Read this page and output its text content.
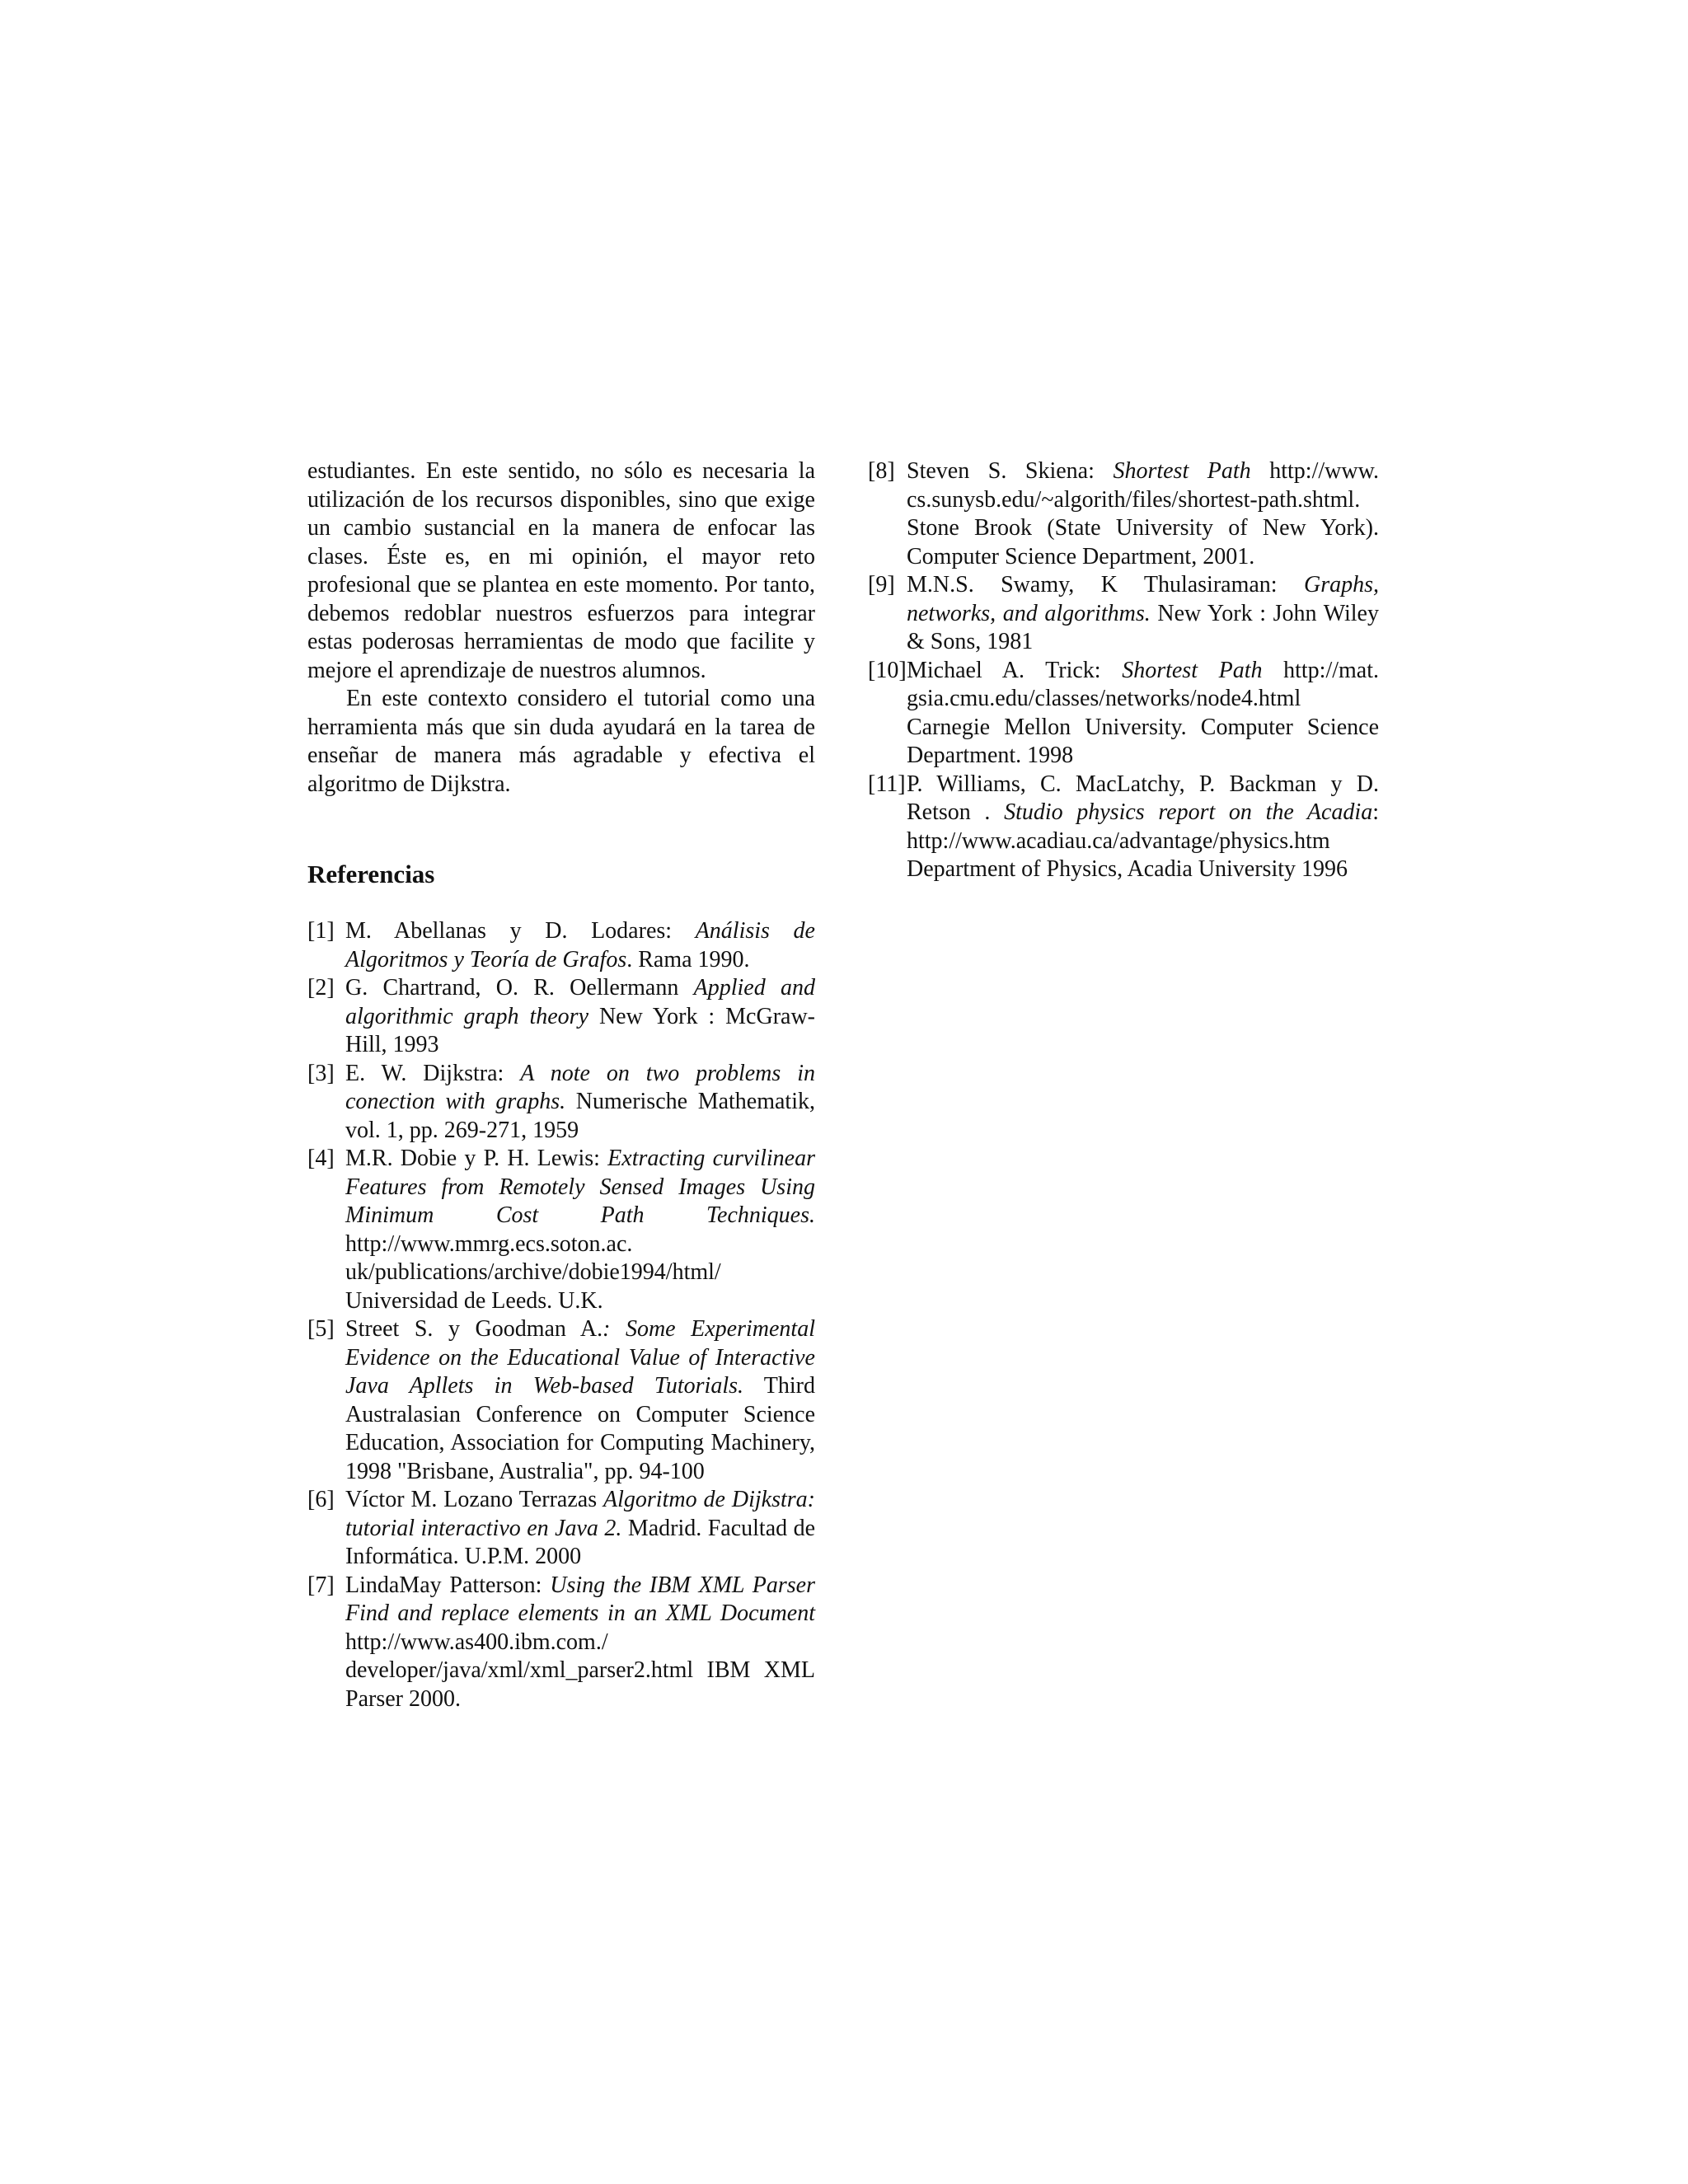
estudiantes. En este sentido, no sólo es necesaria la utilización de los recursos disponibles, sino que exige un cambio sustancial en la manera de enfocar las clases. Éste es, en mi opinión, el mayor reto profesional que se plantea en este momento. Por tanto, debemos redoblar nuestros esfuerzos para integrar estas poderosas herramientas de modo que facilite y mejore el aprendizaje de nuestros alumnos.

En este contexto considero el tutorial como una herramienta más que sin duda ayudará en la tarea de enseñar de manera más agradable y efectiva el algoritmo de Dijkstra.

Referencias
[1] M. Abellanas y D. Lodares: Análisis de Algoritmos y Teoría de Grafos. Rama 1990.
[2] G. Chartrand, O. R. Oellermann Applied and algorithmic graph theory New York : McGraw-Hill, 1993
[3] E. W. Dijkstra: A note on two problems in conection with graphs. Numerische Mathematik, vol. 1, pp. 269-271, 1959
[4] M.R. Dobie y P. H. Lewis: Extracting curvilinear Features from Remotely Sensed Images Using Minimum Cost Path Techniques. http://www.mmrg.ecs.soton.ac. uk/publications/archive/dobie1994/html/ Universidad de Leeds. U.K.
[5] Street S. y Goodman A.: Some Experimental Evidence on the Educational Value of Interactive Java Apllets in Web-based Tutorials. Third Australasian Conference on Computer Science Education, Association for Computing Machinery, 1998 "Brisbane, Australia", pp. 94-100
[6] Víctor M. Lozano Terrazas Algoritmo de Dijkstra: tutorial interactivo en Java 2. Madrid. Facultad de Informática. U.P.M. 2000
[7] LindaMay Patterson: Using the IBM XML Parser Find and replace elements in an XML Document http://www.as400.ibm.com./ developer/java/xml/xml_parser2.html IBM XML Parser 2000.
[8] Steven S. Skiena: Shortest Path http://www. cs.sunysb.edu/~algorith/files/shortest-path.shtml. Stone Brook (State University of New York). Computer Science Department, 2001.
[9] M.N.S. Swamy, K Thulasiraman: Graphs, networks, and algorithms. New York : John Wiley & Sons, 1981
[10] Michael A. Trick: Shortest Path http://mat. gsia.cmu.edu/classes/networks/node4.html Carnegie Mellon University. Computer Science Department. 1998
[11] P. Williams, C. MacLatchy, P. Backman y D. Retson . Studio physics report on the Acadia: http://www.acadiau.ca/advantage/physics.htm Department of Physics, Acadia University 1996
